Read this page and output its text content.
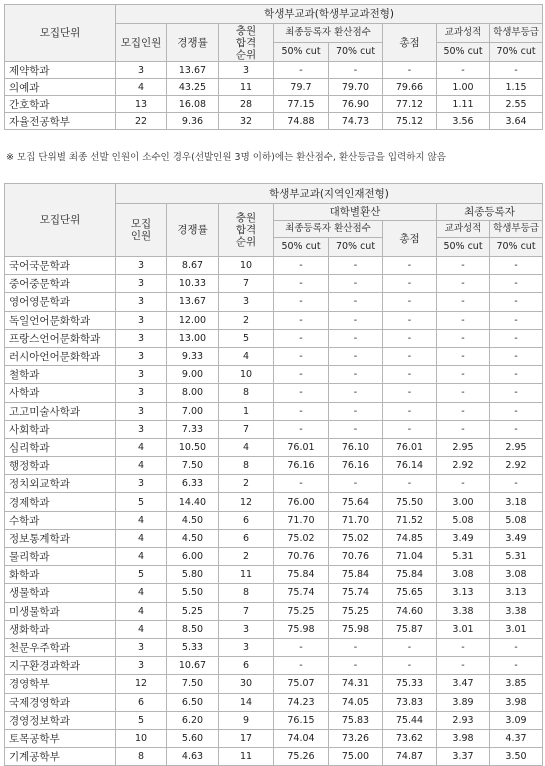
모집단위	학생부교과(학생부교과전형)							
	모집인원	경쟁률	충원합격순위	최종등록자 환산점수		총점	교과성적	학생부등급
				50% cut	70% cut		50% cut	70% cut
제약학과	3	13.67	3	-	-	-	-	-
의예과	4	43.25	11	79.7	79.70	79.66	1.00	1.15
간호학과	13	16.08	28	77.15	76.90	77.12	1.11	2.55
자율전공학부	22	9.36	32	74.88	74.73	75.12	3.56	3.64
※ 모집 단위별 최종 선발 인원이 소수인 경우(선발인원 3명 이하)에는 환산점수, 환산등급을 입력하지 않음
모집단위	학생부교과(지역인재전형)							
	모집인원	경쟁률	충원합격순위	대학별환산			최종등록자	
				최종등록자 환산점수		총점	교과성적	학생부등급
				50% cut	70% cut		50% cut	70% cut
국어국문학과	3	8.67	10	-	-	-	-	-
중어중문학과	3	10.33	7	-	-	-	-	-
영어영문학과	3	13.67	3	-	-	-	-	-
독일언어문화학과	3	12.00	2	-	-	-	-	-
프랑스언어문화학과	3	13.00	5	-	-	-	-	-
러시아언어문화학과	3	9.33	4	-	-	-	-	-
철학과	3	9.00	10	-	-	-	-	-
사학과	3	8.00	8	-	-	-	-	-
고고미술사학과	3	7.00	1	-	-	-	-	-
사회학과	3	7.33	7	-	-	-	-	-
심리학과	4	10.50	4	76.01	76.10	76.01	2.95	2.95
행정학과	4	7.50	8	76.16	76.16	76.14	2.92	2.92
정치외교학과	3	6.33	2	-	-	-	-	-
경제학과	5	14.40	12	76.00	75.64	75.50	3.00	3.18
수학과	4	4.50	6	71.70	71.70	71.52	5.08	5.08
정보통계학과	4	4.50	6	75.02	75.02	74.85	3.49	3.49
물리학과	4	6.00	2	70.76	70.76	71.04	5.31	5.31
화학과	5	5.80	11	75.84	75.84	75.84	3.08	3.08
생물학과	4	5.50	8	75.74	75.74	75.65	3.13	3.13
미생물학과	4	5.25	7	75.25	75.25	74.60	3.38	3.38
생화학과	4	8.50	3	75.98	75.98	75.87	3.01	3.01
천문우주학과	3	5.33	3	-	-	-	-	-
지구환경과학과	3	10.67	6	-	-	-	-	-
경영학부	12	7.50	30	75.07	74.31	75.33	3.47	3.85
국제경영학과	6	6.50	14	74.23	74.05	73.83	3.89	3.98
경영정보학과	5	6.20	9	76.15	75.83	75.44	2.93	3.09
토목공학부	10	5.60	17	74.04	73.26	73.62	3.98	4.37
기계공학부	8	4.63	11	75.26	75.00	74.87	3.37	3.50
